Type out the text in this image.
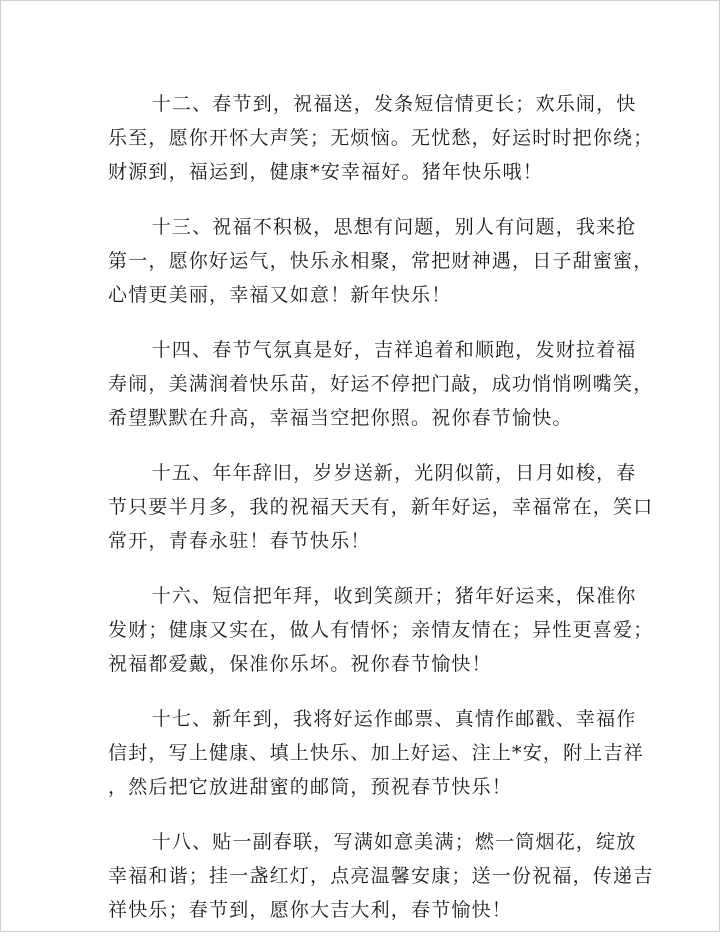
十二、春节到，祝福送，发条短信情更长；欢乐闹，快
乐至，愿你开怀大声笑；无烦恼。无忧愁，好运时时把你绕；
财源到，福运到，健康*安幸福好。猪年快乐哦！

十三、祝福不积极，思想有问题，别人有问题，我来抢
第一，愿你好运气，快乐永相聚，常把财神遇，日子甜蜜蜜，
心情更美丽，幸福又如意！新年快乐！

十四、春节气氛真是好，吉祥追着和顺跑，发财拉着福
寿闹，美满润着快乐苗，好运不停把门敲，成功悄悄咧嘴笑，
希望默默在升高，幸福当空把你照。祝你春节愉快。

十五、年年辞旧，岁岁送新，光阴似箭，日月如梭，春
节只要半月多，我的祝福天天有，新年好运，幸福常在，笑口
常开，青春永驻！春节快乐！

十六、短信把年拜，收到笑颜开；猪年好运来，保准你
发财；健康又实在，做人有情怀；亲情友情在；异性更喜爱；
祝福都爱戴，保准你乐坏。祝你春节愉快！

十七、新年到，我将好运作邮票、真情作邮戳、幸福作
信封，写上健康、填上快乐、加上好运、注上*安，附上吉祥
，然后把它放进甜蜜的邮筒，预祝春节快乐！

十八、贴一副春联，写满如意美满；燃一筒烟花，绽放
幸福和谐；挂一盏红灯，点亮温馨安康；送一份祝福，传递吉
祥快乐；春节到，愿你大吉大利，春节愉快！
